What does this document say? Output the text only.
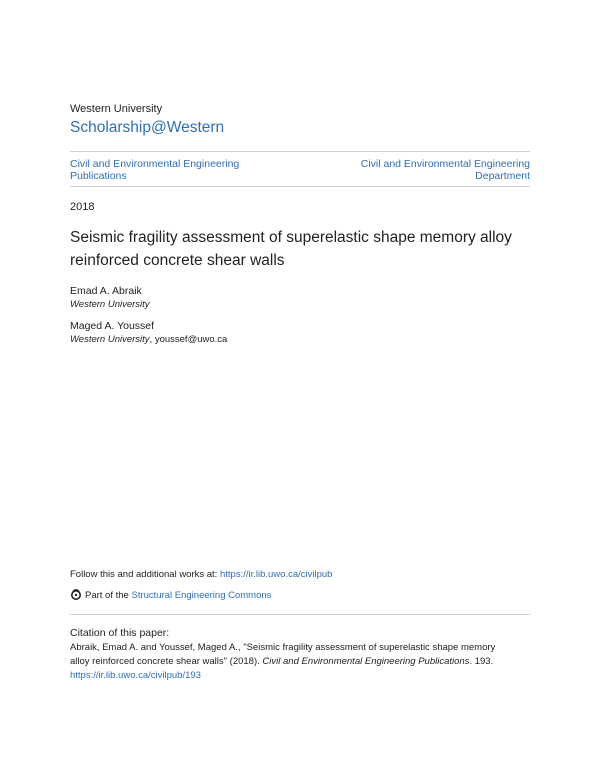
Western University
Scholarship@Western
Civil and Environmental Engineering Publications
Civil and Environmental Engineering Department
2018
Seismic fragility assessment of superelastic shape memory alloy reinforced concrete shear walls
Emad A. Abraik
Western University
Maged A. Youssef
Western University, youssef@uwo.ca
Follow this and additional works at: https://ir.lib.uwo.ca/civilpub
Part of the Structural Engineering Commons
Citation of this paper:
Abraik, Emad A. and Youssef, Maged A., "Seismic fragility assessment of superelastic shape memory
alloy reinforced concrete shear walls" (2018). Civil and Environmental Engineering Publications. 193.
https://ir.lib.uwo.ca/civilpub/193
